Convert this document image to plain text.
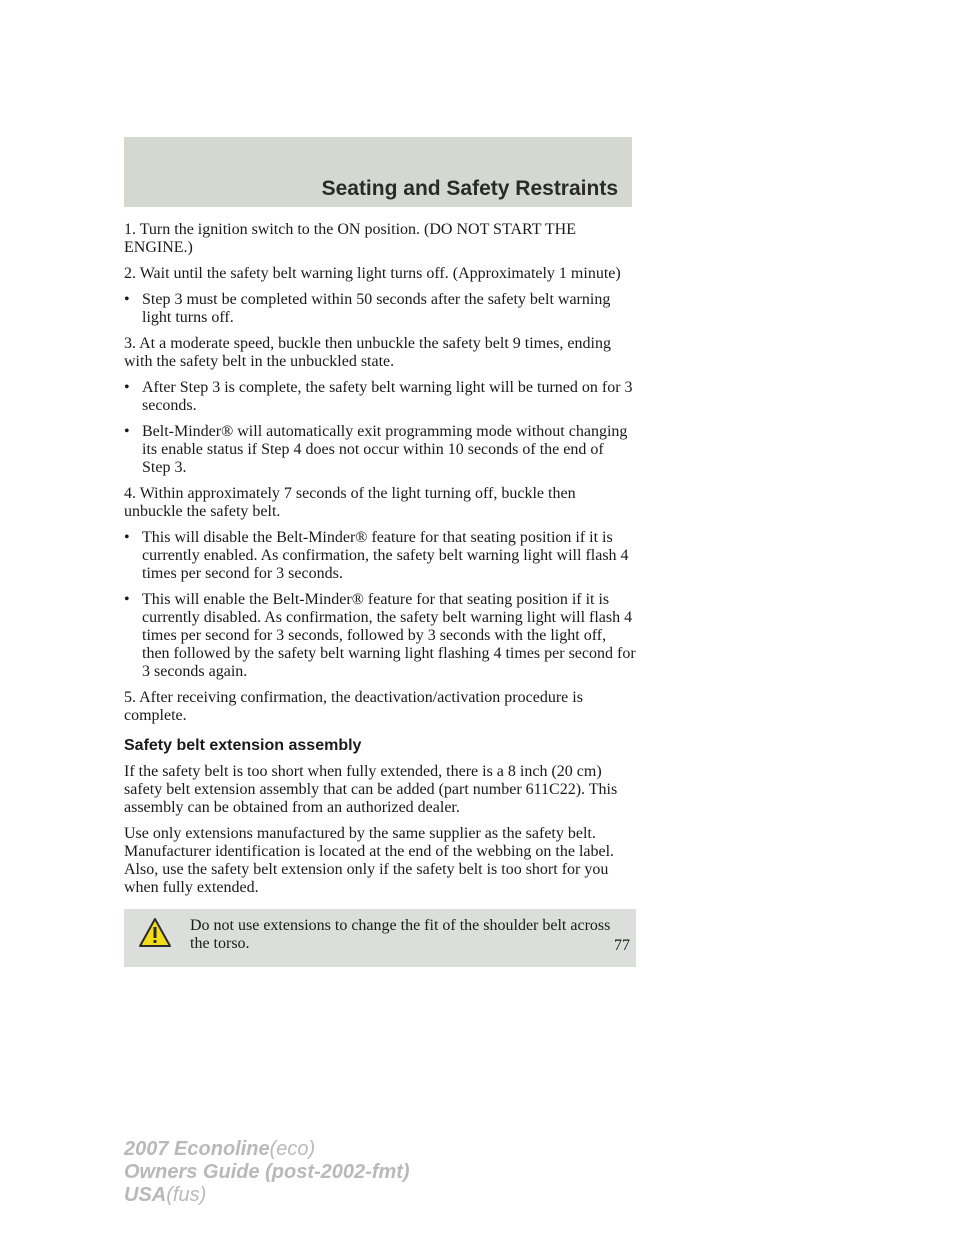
Seating and Safety Restraints

1. Turn the ignition switch to the ON position. (DO NOT START THE ENGINE.)

2. Wait until the safety belt warning light turns off. (Approximately 1 minute)

• Step 3 must be completed within 50 seconds after the safety belt warning light turns off.

3. At a moderate speed, buckle then unbuckle the safety belt 9 times, ending with the safety belt in the unbuckled state.

• After Step 3 is complete, the safety belt warning light will be turned on for 3 seconds.
• Belt-Minder® will automatically exit programming mode without changing its enable status if Step 4 does not occur within 10 seconds of the end of Step 3.

4. Within approximately 7 seconds of the light turning off, buckle then unbuckle the safety belt.

• This will disable the Belt-Minder® feature for that seating position if it is currently enabled. As confirmation, the safety belt warning light will flash 4 times per second for 3 seconds.
• This will enable the Belt-Minder® feature for that seating position if it is currently disabled. As confirmation, the safety belt warning light will flash 4 times per second for 3 seconds, followed by 3 seconds with the light off, then followed by the safety belt warning light flashing 4 times per second for 3 seconds again.

5. After receiving confirmation, the deactivation/activation procedure is complete.

Safety belt extension assembly

If the safety belt is too short when fully extended, there is a 8 inch (20 cm) safety belt extension assembly that can be added (part number 611C22). This assembly can be obtained from an authorized dealer.

Use only extensions manufactured by the same supplier as the safety belt. Manufacturer identification is located at the end of the webbing on the label. Also, use the safety belt extension only if the safety belt is too short for you when fully extended.

Do not use extensions to change the fit of the shoulder belt across the torso.	77
2007 Econoline(eco)
Owners Guide (post-2002-fmt)
USA(fus)
